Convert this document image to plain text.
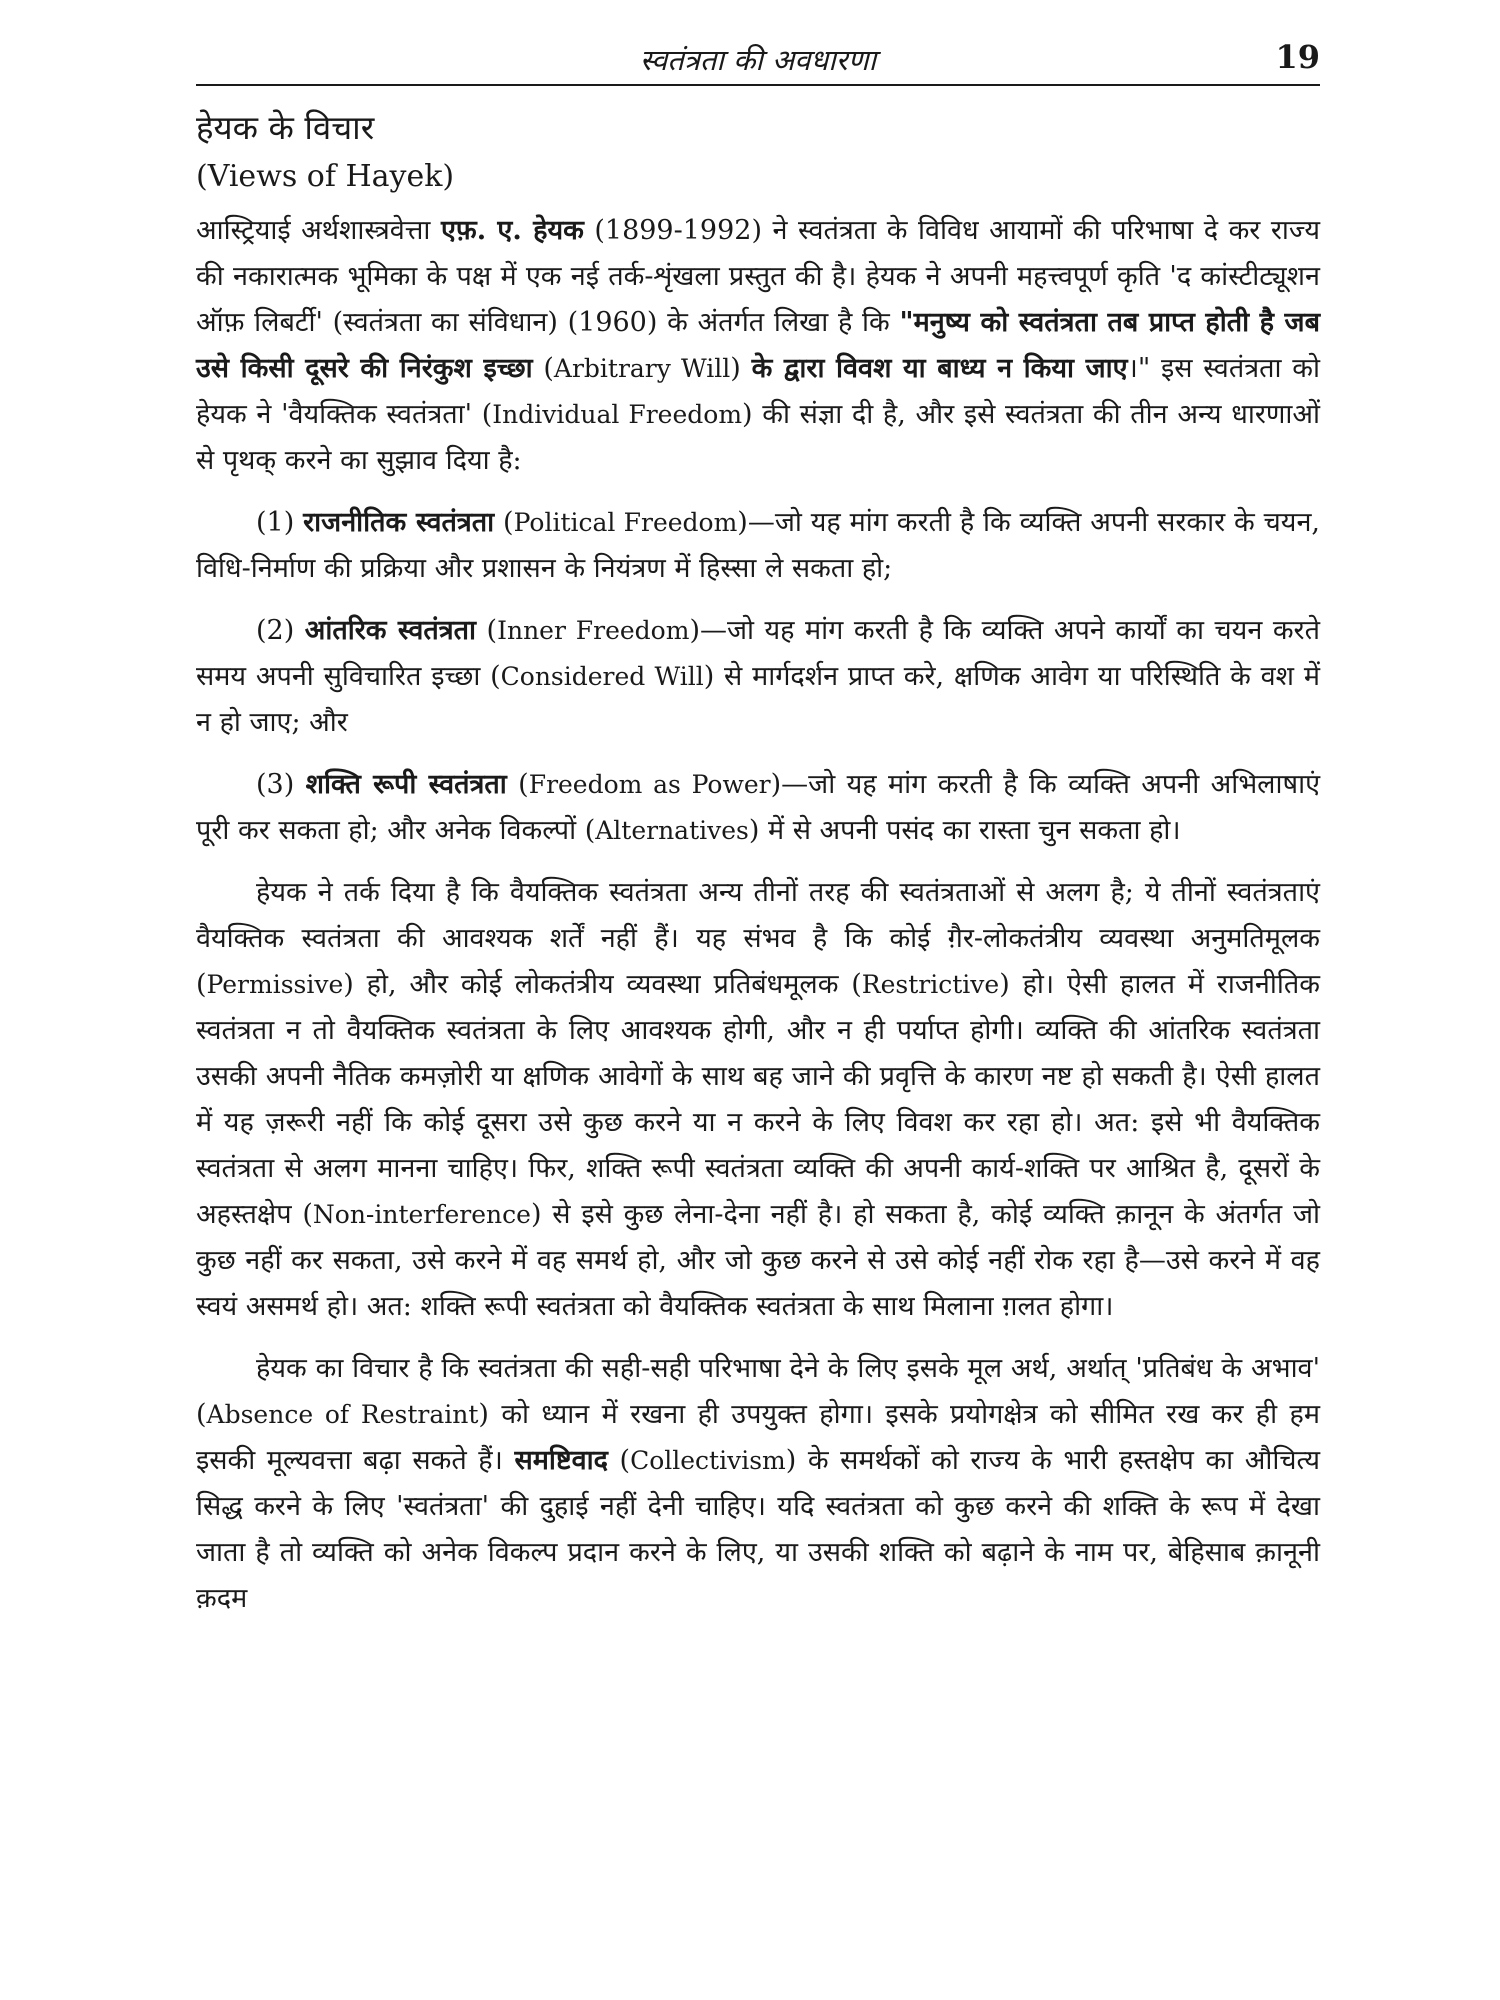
स्वतंत्रता की अवधारणा	19
हेयक के विचार
(Views of Hayek)

आस्ट्रियाई अर्थशास्त्रवेत्ता एफ़. ए. हेयक (1899-1992) ने स्वतंत्रता के विविध आयामों की परिभाषा दे कर राज्य की नकारात्मक भूमिका के पक्ष में एक नई तर्क-शृंखला प्रस्तुत की है। हेयक ने अपनी महत्त्वपूर्ण कृति 'द कांस्टीट्यूशन ऑफ़ लिबर्टी' (स्वतंत्रता का संविधान) (1960) के अंतर्गत लिखा है कि "मनुष्य को स्वतंत्रता तब प्राप्त होती है जब उसे किसी दूसरे की निरंकुश इच्छा (Arbitrary Will) के द्वारा विवश या बाध्य न किया जाए।" इस स्वतंत्रता को हेयक ने 'वैयक्तिक स्वतंत्रता' (Individual Freedom) की संज्ञा दी है, और इसे स्वतंत्रता की तीन अन्य धारणाओं से पृथक् करने का सुझाव दिया है:

(1) राजनीतिक स्वतंत्रता (Political Freedom)—जो यह मांग करती है कि व्यक्ति अपनी सरकार के चयन, विधि-निर्माण की प्रक्रिया और प्रशासन के नियंत्रण में हिस्सा ले सकता हो;

(2) आंतरिक स्वतंत्रता (Inner Freedom)—जो यह मांग करती है कि व्यक्ति अपने कार्यों का चयन करते समय अपनी सुविचारित इच्छा (Considered Will) से मार्गदर्शन प्राप्त करे, क्षणिक आवेग या परिस्थिति के वश में न हो जाए; और

(3) शक्ति रूपी स्वतंत्रता (Freedom as Power)—जो यह मांग करती है कि व्यक्ति अपनी अभिलाषाएं पूरी कर सकता हो; और अनेक विकल्पों (Alternatives) में से अपनी पसंद का रास्ता चुन सकता हो।

हेयक ने तर्क दिया है कि वैयक्तिक स्वतंत्रता अन्य तीनों तरह की स्वतंत्रताओं से अलग है; ये तीनों स्वतंत्रताएं वैयक्तिक स्वतंत्रता की आवश्यक शर्तें नहीं हैं। यह संभव है कि कोई ग़ैर-लोकतंत्रीय व्यवस्था अनुमतिमूलक (Permissive) हो, और कोई लोकतंत्रीय व्यवस्था प्रतिबंधमूलक (Restrictive) हो। ऐसी हालत में राजनीतिक स्वतंत्रता न तो वैयक्तिक स्वतंत्रता के लिए आवश्यक होगी, और न ही पर्याप्त होगी। व्यक्ति की आंतरिक स्वतंत्रता उसकी अपनी नैतिक कमज़ोरी या क्षणिक आवेगों के साथ बह जाने की प्रवृत्ति के कारण नष्ट हो सकती है। ऐसी हालत में यह ज़रूरी नहीं कि कोई दूसरा उसे कुछ करने या न करने के लिए विवश कर रहा हो। अत: इसे भी वैयक्तिक स्वतंत्रता से अलग मानना चाहिए। फिर, शक्ति रूपी स्वतंत्रता व्यक्ति की अपनी कार्य-शक्ति पर आश्रित है, दूसरों के अहस्तक्षेप (Non-interference) से इसे कुछ लेना-देना नहीं है। हो सकता है, कोई व्यक्ति क़ानून के अंतर्गत जो कुछ नहीं कर सकता, उसे करने में वह समर्थ हो, और जो कुछ करने से उसे कोई नहीं रोक रहा है—उसे करने में वह स्वयं असमर्थ हो। अत: शक्ति रूपी स्वतंत्रता को वैयक्तिक स्वतंत्रता के साथ मिलाना ग़लत होगा।

हेयक का विचार है कि स्वतंत्रता की सही-सही परिभाषा देने के लिए इसके मूल अर्थ, अर्थात् 'प्रतिबंध के अभाव' (Absence of Restraint) को ध्यान में रखना ही उपयुक्त होगा। इसके प्रयोगक्षेत्र को सीमित रख कर ही हम इसकी मूल्यवत्ता बढ़ा सकते हैं। समष्टिवाद (Collectivism) के समर्थकों को राज्य के भारी हस्तक्षेप का औचित्य सिद्ध करने के लिए 'स्वतंत्रता' की दुहाई नहीं देनी चाहिए। यदि स्वतंत्रता को कुछ करने की शक्ति के रूप में देखा जाता है तो व्यक्ति को अनेक विकल्प प्रदान करने के लिए, या उसकी शक्ति को बढ़ाने के नाम पर, बेहिसाब क़ानूनी क़दम
